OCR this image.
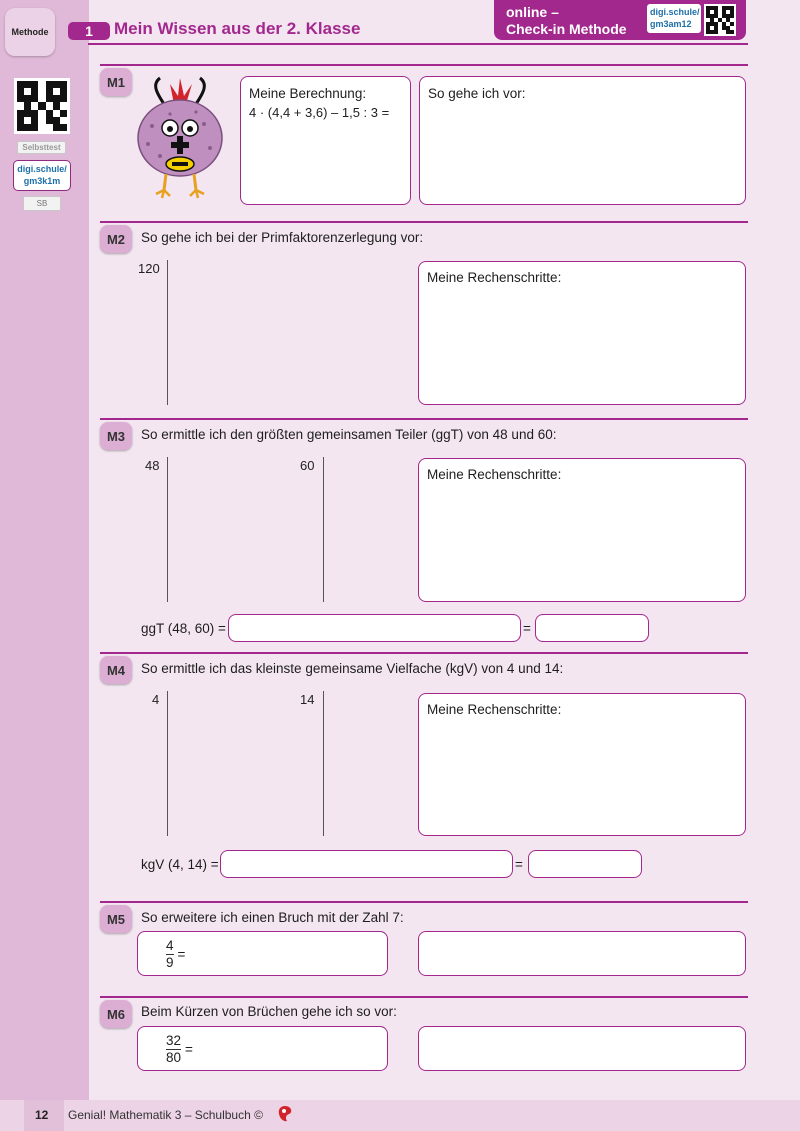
Methode
Selbsttest
digi.schule/
gm3k1m
SB
1	Mein Wissen aus der 2. Klasse
online –
Check-in Methode
digi.schule/
gm3am12
M1
Meine Berechnung:
4 · (4,4 + 3,6) – 1,5 : 3 =
So gehe ich vor:
M2	So gehe ich bei der Primfaktorenzerlegung vor:
120
Meine Rechenschritte:
M3	So ermittle ich den größten gemeinsamen Teiler (ggT) von 48 und 60:
48	60
Meine Rechenschritte:
ggT (48, 60) =	=
M4	So ermittle ich das kleinste gemeinsame Vielfache (kgV) von 4 und 14:
4	14
Meine Rechenschritte:
kgV (4, 14) =	=
M5	So erweitere ich einen Bruch mit der Zahl 7:
$\frac{4}{9}$ =
M6	Beim Kürzen von Brüchen gehe ich so vor:
$\frac{32}{80}$ =
12 Genial! Mathematik 3 – Schulbuch ©
